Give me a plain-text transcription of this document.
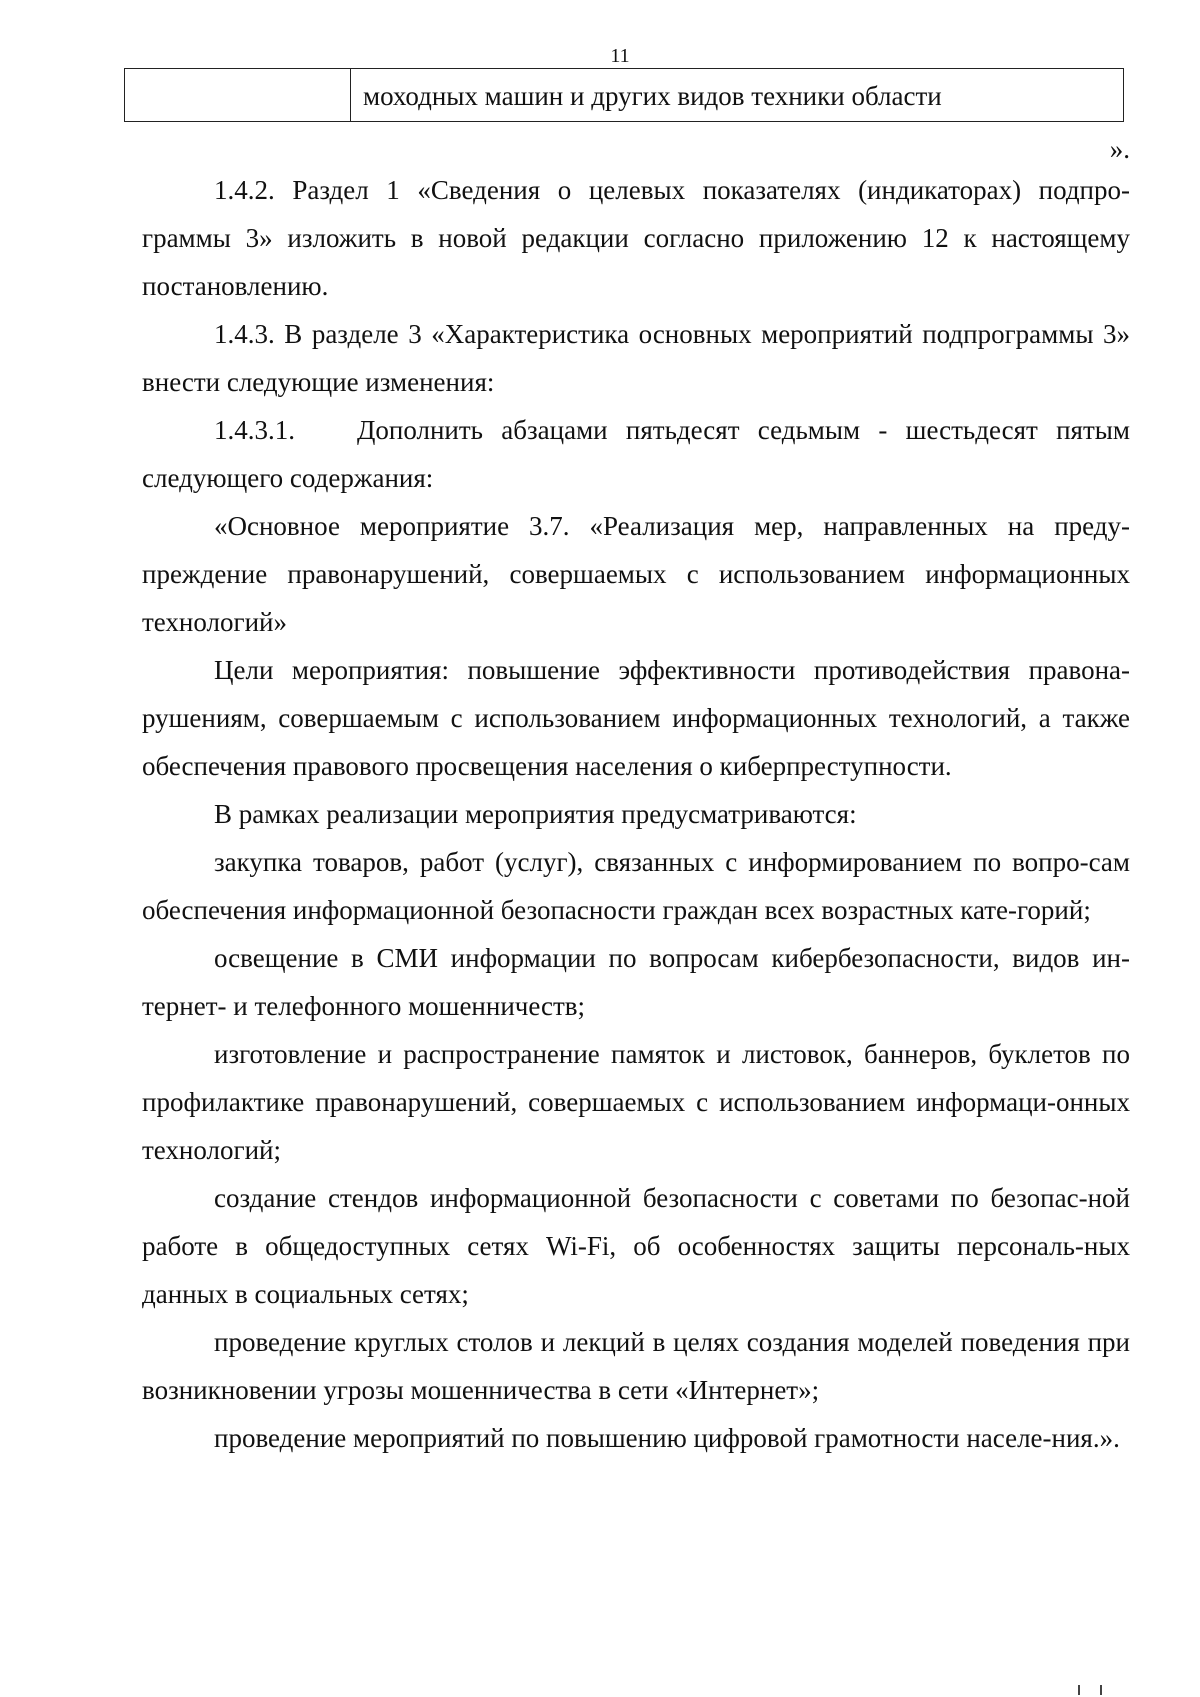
11
моходных машин и других видов техники области
».

1.4.2. Раздел 1 «Сведения о целевых показателях (индикаторах) подпро-граммы 3» изложить в новой редакции согласно приложению 12 к настоящему постановлению.

1.4.3. В разделе 3 «Характеристика основных мероприятий подпрограммы 3» внести следующие изменения:

1.4.3.1. Дополнить абзацами пятьдесят седьмым - шестьдесят пятым следующего содержания:

«Основное мероприятие 3.7. «Реализация мер, направленных на преду-преждение правонарушений, совершаемых с использованием информационных технологий»

Цели мероприятия: повышение эффективности противодействия правона-рушениям, совершаемым с использованием информационных технологий, а также обеспечения правового просвещения населения о киберпреступности.

В рамках реализации мероприятия предусматриваются:

закупка товаров, работ (услуг), связанных с информированием по вопро-сам обеспечения информационной безопасности граждан всех возрастных кате-горий;

освещение в СМИ информации по вопросам кибербезопасности, видов ин-тернет- и телефонного мошенничеств;

изготовление и распространение памяток и листовок, баннеров, буклетов по профилактике правонарушений, совершаемых с использованием информаци-онных технологий;

создание стендов информационной безопасности с советами по безопас-ной работе в общедоступных сетях Wi-Fi, об особенностях защиты персональ-ных данных в социальных сетях;

проведение круглых столов и лекций в целях создания моделей поведения при возникновении угрозы мошенничества в сети «Интернет»;

проведение мероприятий по повышению цифровой грамотности населе-ния.».
